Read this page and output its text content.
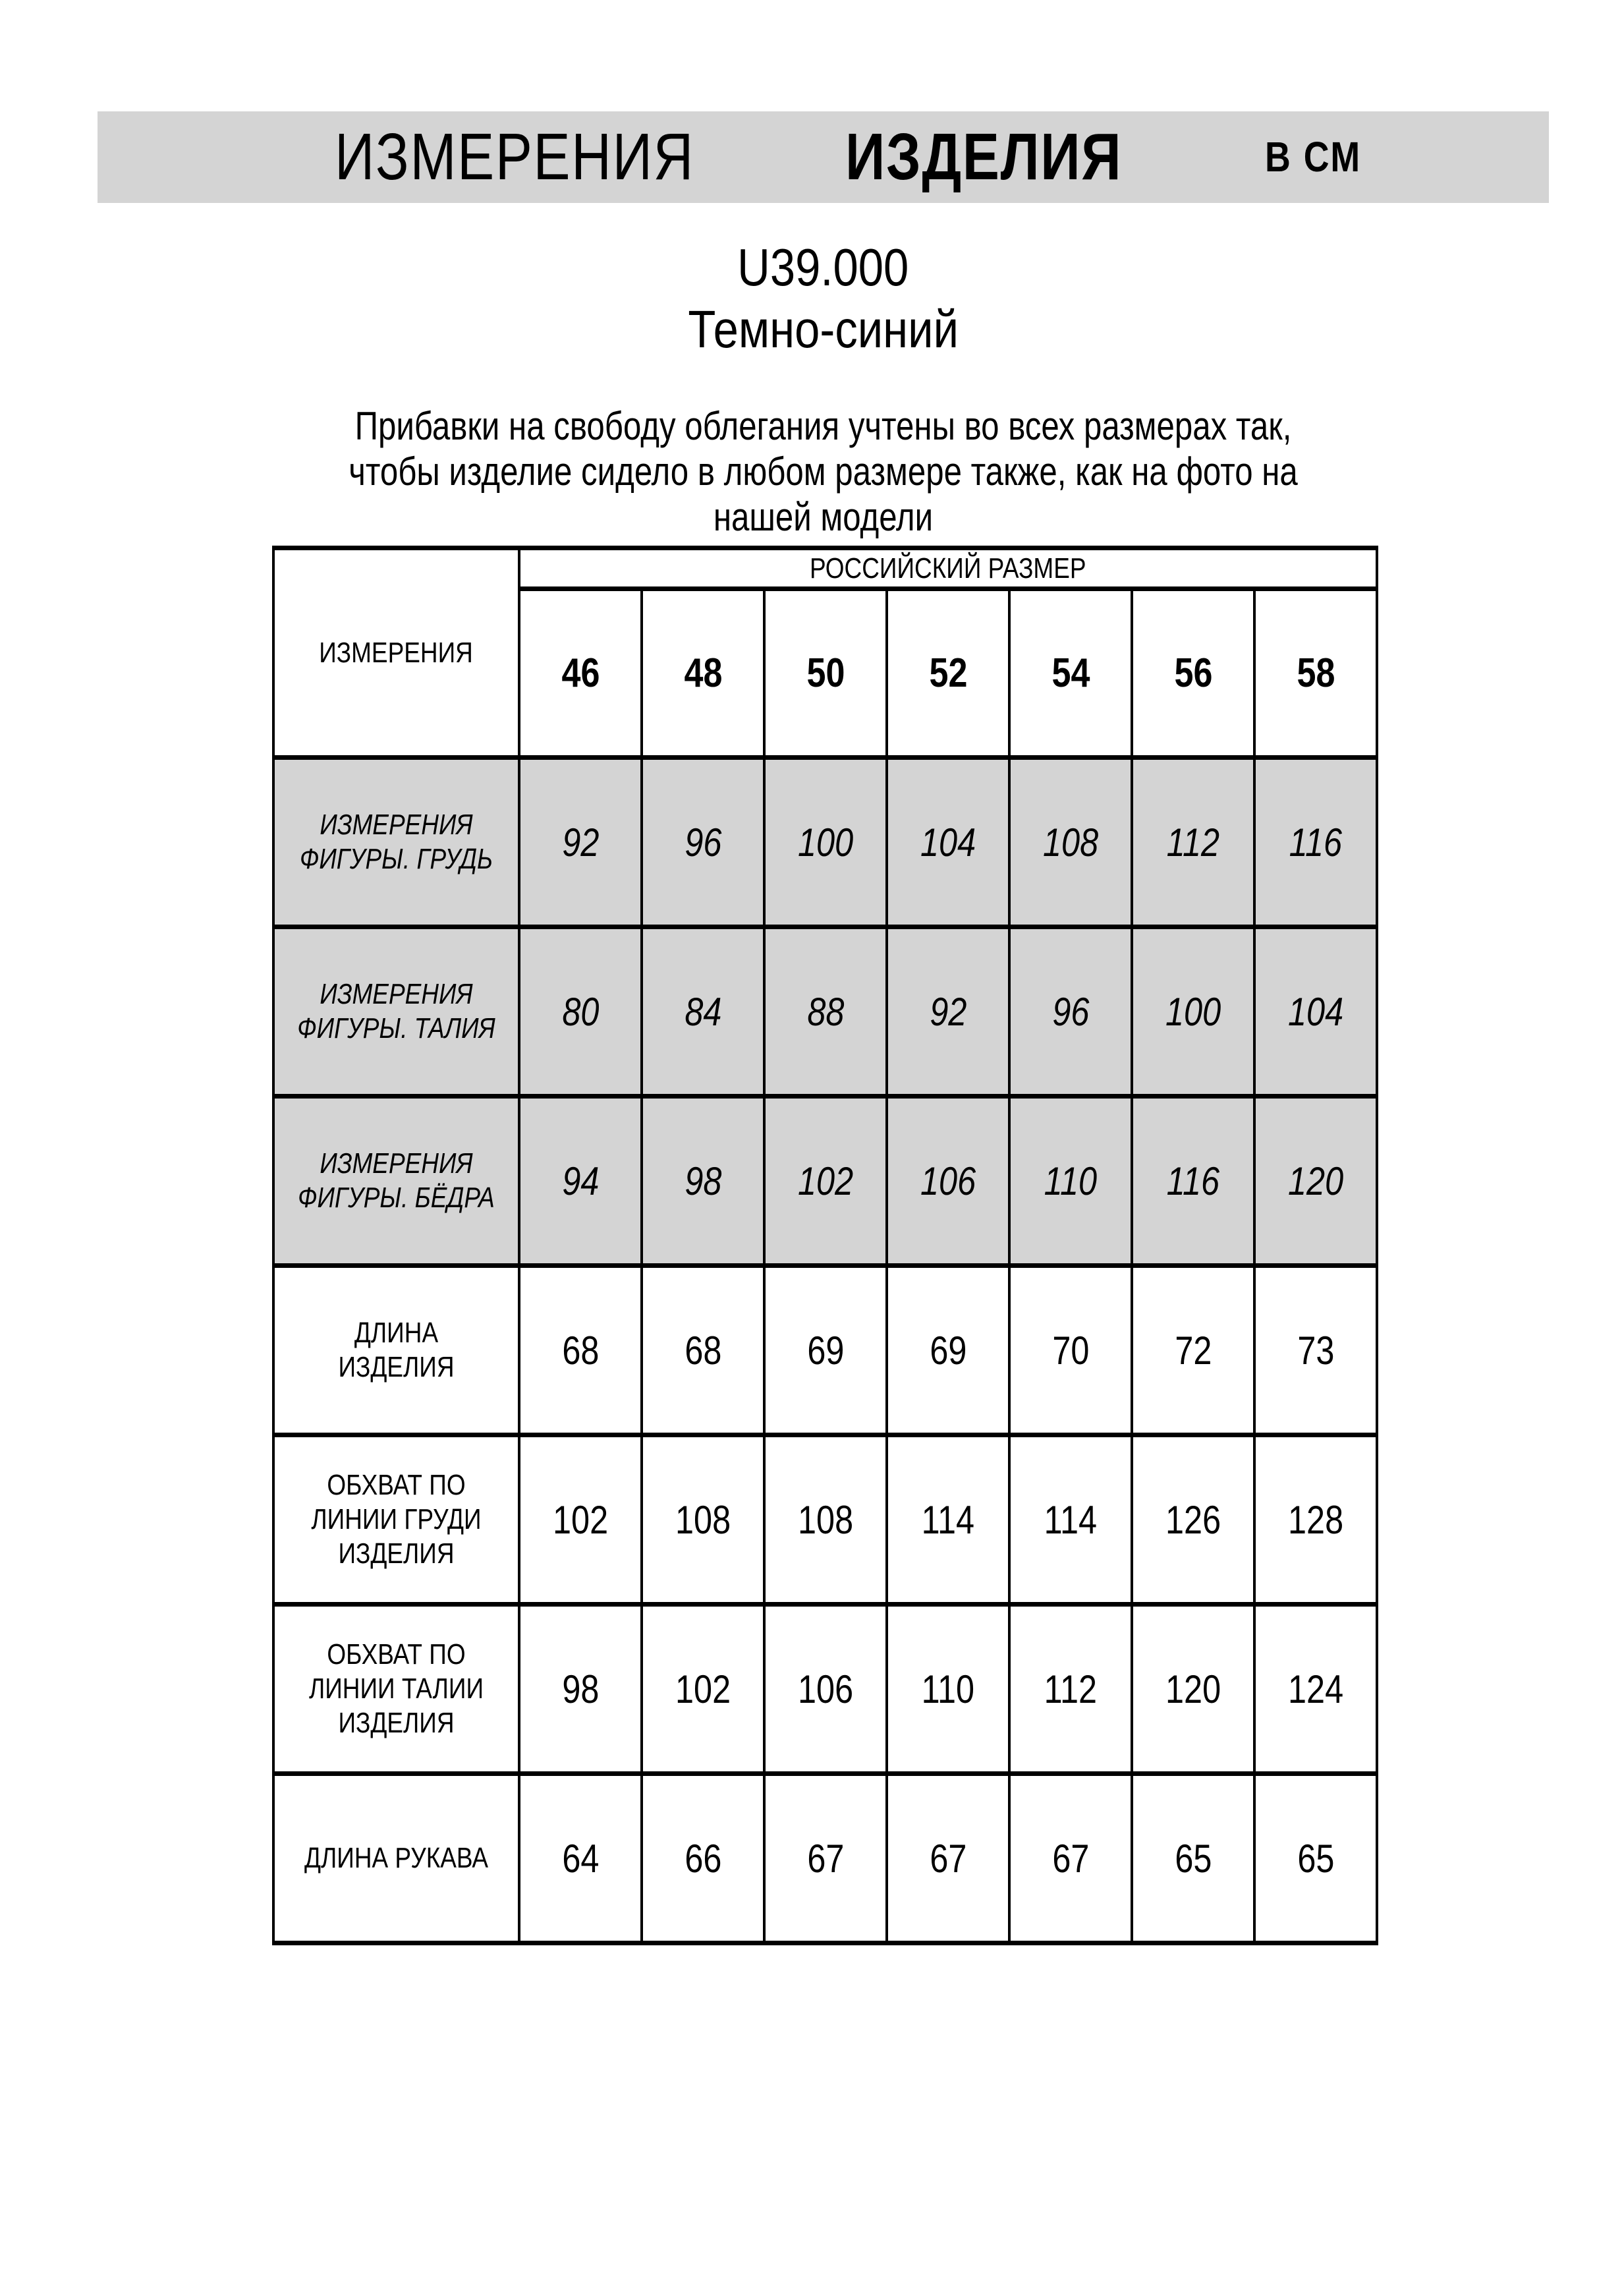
ИЗМЕРЕНИЯ ИЗДЕЛИЯ	В СМ
U39.000
Темно-синий
Прибавки на свободу облегания учтены во всех размерах так,
чтобы изделие сидело в любом размере также, как на фото на
нашей модели
ИЗМЕРЕНИЯ	РОССИЙСКИЙ РАЗМЕР						
	46	48	50	52	54	56	58

ИЗМЕРЕНИЯ ФИГУРЫ. ГРУДЬ	92	96	100	104	108	112	116

ИЗМЕРЕНИЯ ФИГУРЫ. ТАЛИЯ	80	84	88	92	96	100	104

ИЗМЕРЕНИЯ ФИГУРЫ. БЁДРА	94	98	102	106	110	116	120

ДЛИНА ИЗДЕЛИЯ	68	68	69	69	70	72	73

ОБХВАТ ПО ЛИНИИ ГРУДИ ИЗДЕЛИЯ	102	108	108	114	114	126	128

ОБХВАТ ПО ЛИНИИ ТАЛИИ ИЗДЕЛИЯ	98	102	106	110	112	120	124

ДЛИНА РУКАВА	64	66	67	67	67	65	65
